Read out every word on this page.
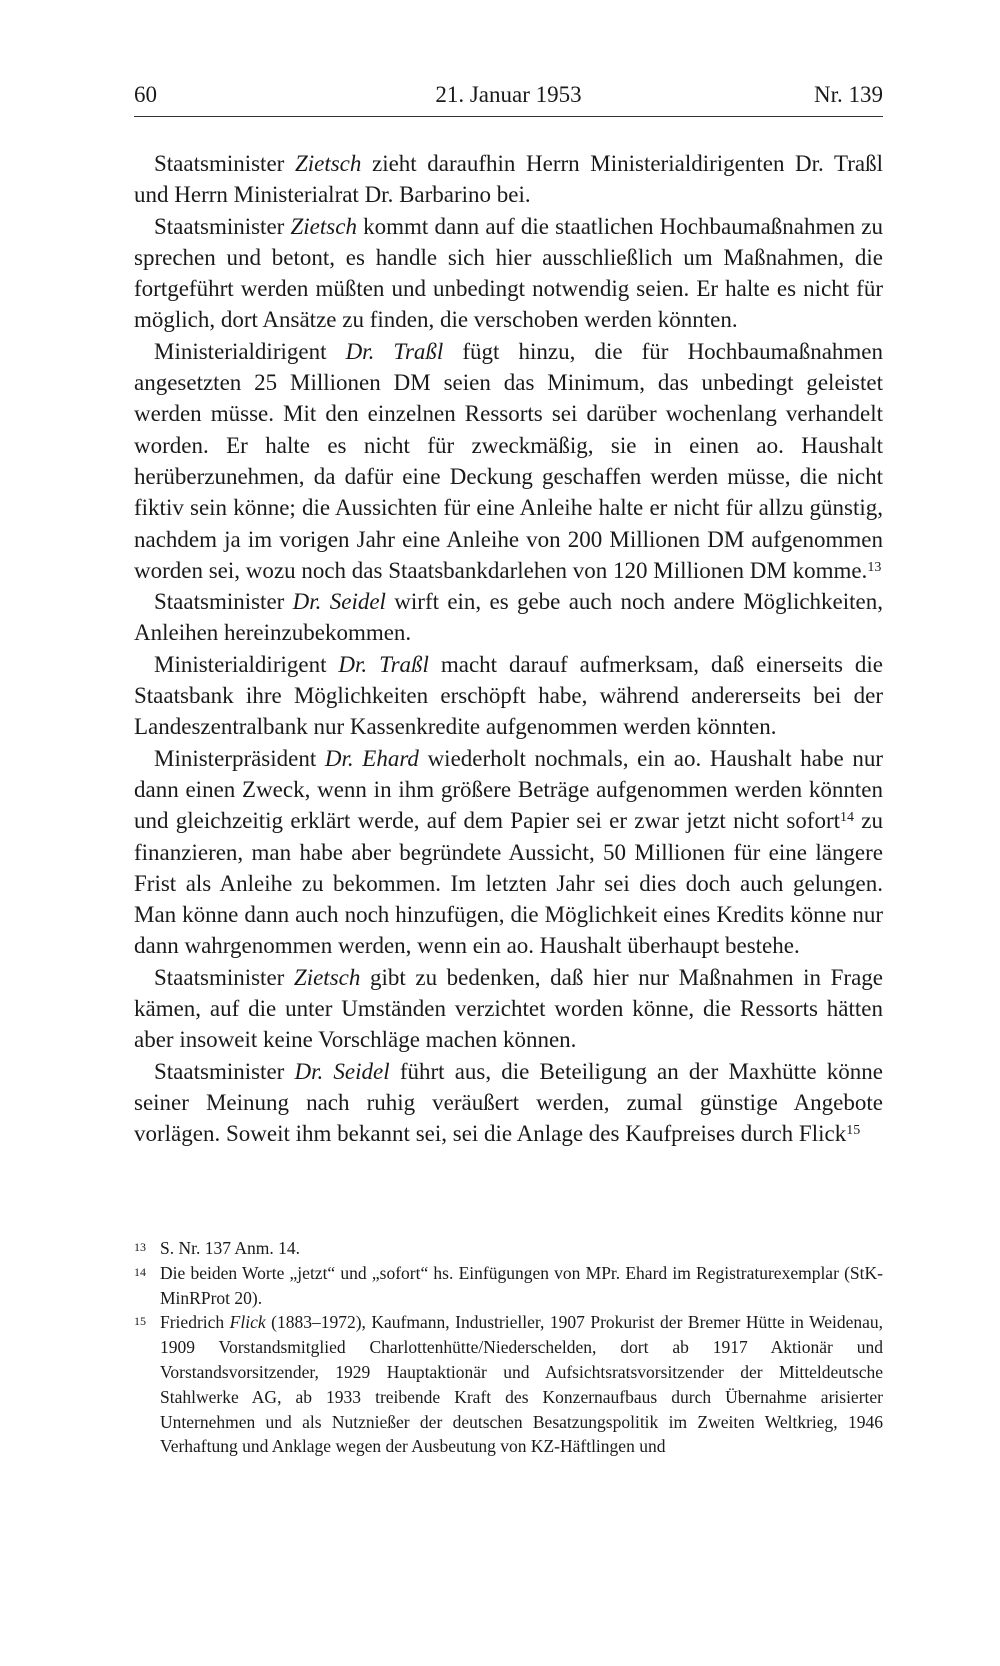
60	21. Januar 1953	Nr. 139

Staatsminister Zietsch zieht daraufhin Herrn Ministerialdirigenten Dr. Traßl und Herrn Ministerialrat Dr. Barbarino bei.

Staatsminister Zietsch kommt dann auf die staatlichen Hochbaumaßnahmen zu sprechen und betont, es handle sich hier ausschließlich um Maßnahmen, die fortgeführt werden müßten und unbedingt notwendig seien. Er halte es nicht für möglich, dort Ansätze zu finden, die verschoben werden könnten.

Ministerialdirigent Dr. Traßl fügt hinzu, die für Hochbaumaßnahmen angesetzten 25 Millionen DM seien das Minimum, das unbedingt geleistet werden müsse. Mit den einzelnen Ressorts sei darüber wochenlang verhandelt worden. Er halte es nicht für zweckmäßig, sie in einen ao. Haushalt herüberzunehmen, da dafür eine Deckung geschaffen werden müsse, die nicht fiktiv sein könne; die Aussichten für eine Anleihe halte er nicht für allzu günstig, nachdem ja im vorigen Jahr eine Anleihe von 200 Millionen DM aufgenommen worden sei, wozu noch das Staatsbankdarlehen von 120 Millionen DM komme.$^{13}$

Staatsminister Dr. Seidel wirft ein, es gebe auch noch andere Möglichkeiten, Anleihen hereinzubekommen.

Ministerialdirigent Dr. Traßl macht darauf aufmerksam, daß einerseits die Staatsbank ihre Möglichkeiten erschöpft habe, während andererseits bei der Landeszentralbank nur Kassenkredite aufgenommen werden könnten.

Ministerpräsident Dr. Ehard wiederholt nochmals, ein ao. Haushalt habe nur dann einen Zweck, wenn in ihm größere Beträge aufgenommen werden könnten und gleichzeitig erklärt werde, auf dem Papier sei er zwar jetzt nicht sofort$^{14}$ zu finanzieren, man habe aber begründete Aussicht, 50 Millionen für eine längere Frist als Anleihe zu bekommen. Im letzten Jahr sei dies doch auch gelungen. Man könne dann auch noch hinzufügen, die Möglichkeit eines Kredits könne nur dann wahrgenommen werden, wenn ein ao. Haushalt überhaupt bestehe.

Staatsminister Zietsch gibt zu bedenken, daß hier nur Maßnahmen in Frage kämen, auf die unter Umständen verzichtet worden könne, die Ressorts hätten aber insoweit keine Vorschläge machen können.

Staatsminister Dr. Seidel führt aus, die Beteiligung an der Maxhütte könne seiner Meinung nach ruhig veräußert werden, zumal günstige Angebote vorlägen. Soweit ihm bekannt sei, sei die Anlage des Kaufpreises durch Flick$^{15}$

13 S. Nr. 137 Anm. 14.
14 Die beiden Worte „jetzt“ und „sofort“ hs. Einfügungen von MPr. Ehard im Registraturexemplar (StK-MinRProt 20).
15 Friedrich Flick (1883–1972), Kaufmann, Industrieller, 1907 Prokurist der Bremer Hütte in Weidenau, 1909 Vorstandsmitglied Charlottenhütte/Niederschelden, dort ab 1917 Aktionär und Vorstandsvorsitzender, 1929 Hauptaktionär und Aufsichtsratsvorsitzender der Mitteldeutsche Stahlwerke AG, ab 1933 treibende Kraft des Konzernaufbaus durch Übernahme arisierter Unternehmen und als Nutznießer der deutschen Besatzungspolitik im Zweiten Weltkrieg, 1946 Verhaftung und Anklage wegen der Ausbeutung von KZ-Häftlingen und
